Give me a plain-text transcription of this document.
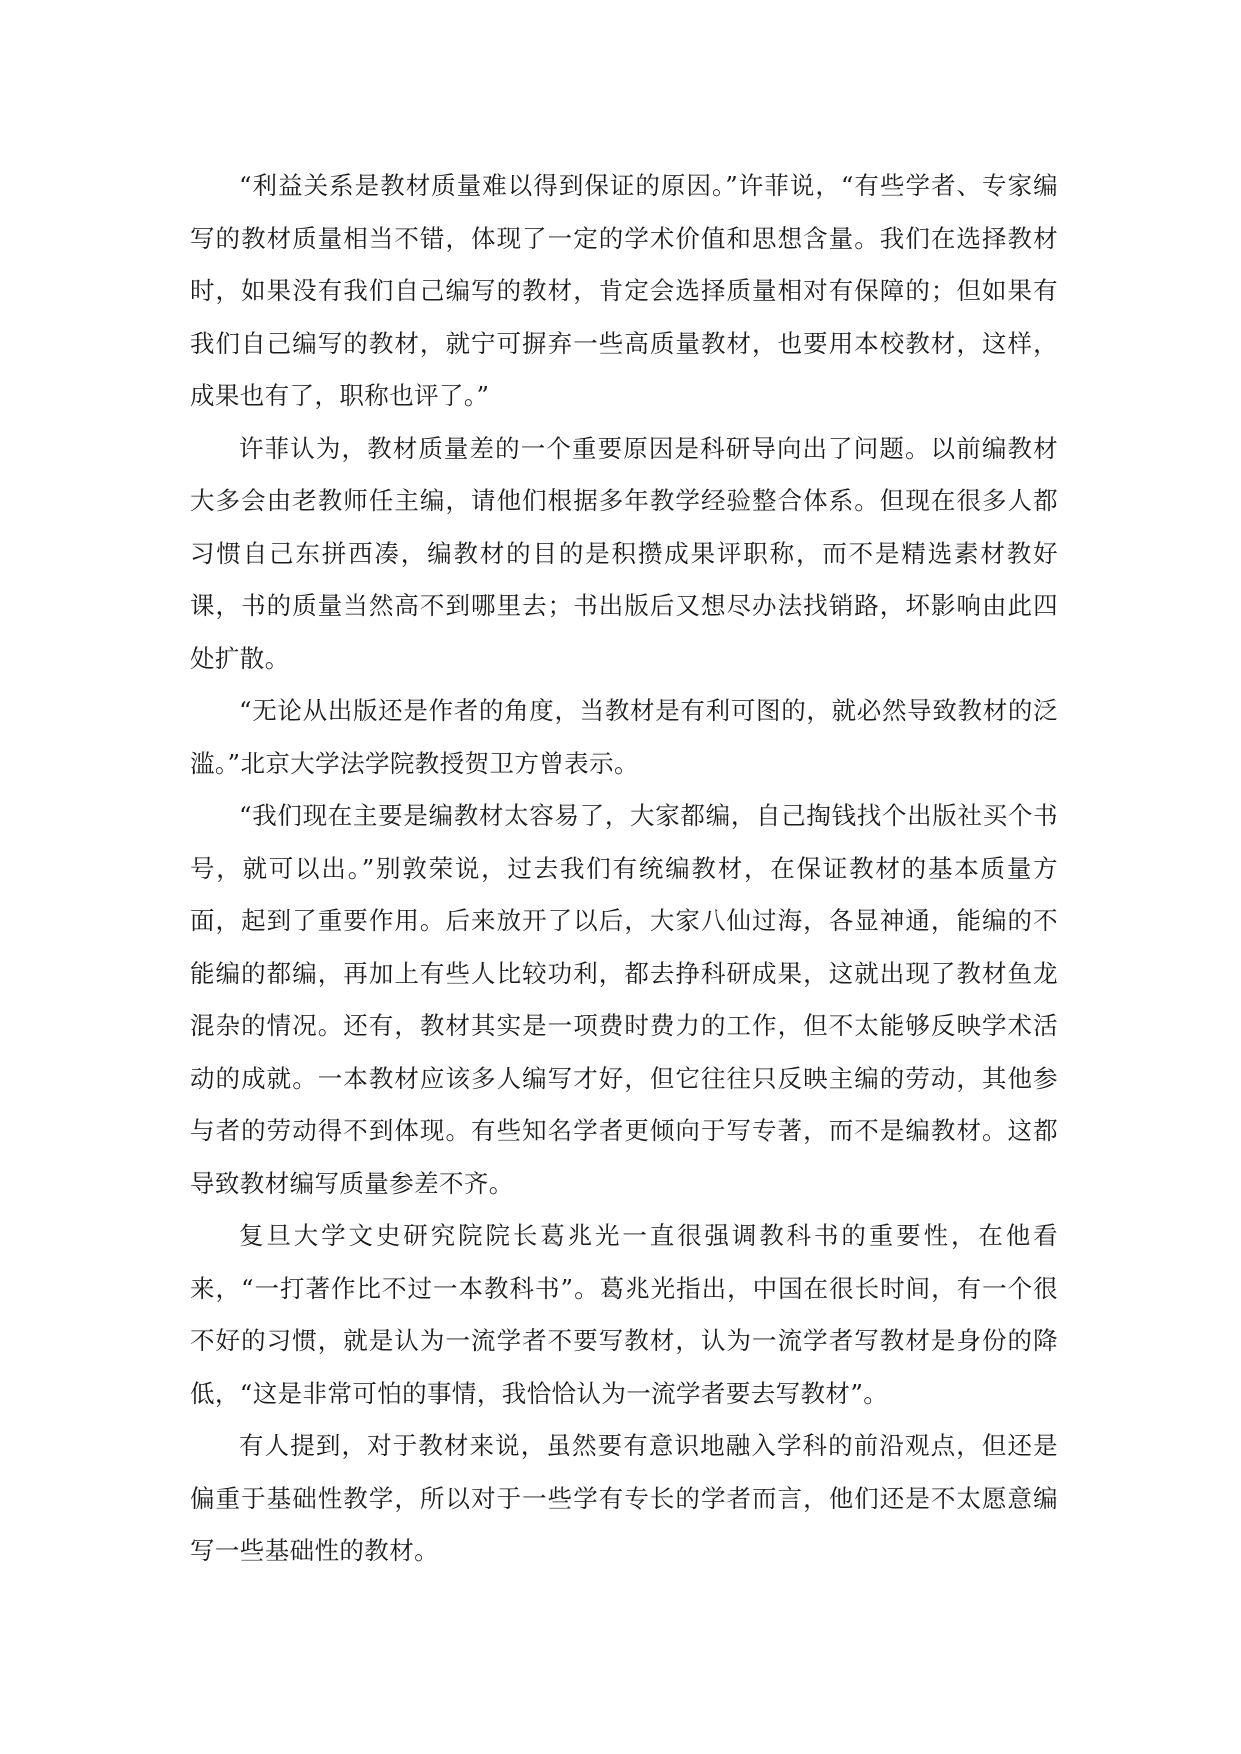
“利益关系是教材质量难以得到保证的原因。”许菲说，“有些学者、专家编写的教材质量相当不错，体现了一定的学术价值和思想含量。我们在选择教材时，如果没有我们自己编写的教材，肯定会选择质量相对有保障的；但如果有我们自己编写的教材，就宁可摒弃一些高质量教材，也要用本校教材，这样，成果也有了，职称也评了。”

许菲认为，教材质量差的一个重要原因是科研导向出了问题。以前编教材大多会由老教师任主编，请他们根据多年教学经验整合体系。但现在很多人都习惯自己东拼西凑，编教材的目的是积攒成果评职称，而不是精选素材教好课，书的质量当然高不到哪里去；书出版后又想尽办法找销路，坏影响由此四处扩散。

“无论从出版还是作者的角度，当教材是有利可图的，就必然导致教材的泛滥。”北京大学法学院教授贺卫方曾表示。

“我们现在主要是编教材太容易了，大家都编，自己掏钱找个出版社买个书号，就可以出。”别敦荣说，过去我们有统编教材，在保证教材的基本质量方面，起到了重要作用。后来放开了以后，大家八仙过海，各显神通，能编的不能编的都编，再加上有些人比较功利，都去挣科研成果，这就出现了教材鱼龙混杂的情况。还有，教材其实是一项费时费力的工作，但不太能够反映学术活动的成就。一本教材应该多人编写才好，但它往往只反映主编的劳动，其他参与者的劳动得不到体现。有些知名学者更倾向于写专著，而不是编教材。这都导致教材编写质量参差不齐。

复旦大学文史研究院院长葛兆光一直很强调教科书的重要性，在他看来，“一打著作比不过一本教科书”。葛兆光指出，中国在很长时间，有一个很不好的习惯，就是认为一流学者不要写教材，认为一流学者写教材是身份的降低，“这是非常可怕的事情，我恰恰认为一流学者要去写教材”。

有人提到，对于教材来说，虽然要有意识地融入学科的前沿观点，但还是偏重于基础性教学，所以对于一些学有专长的学者而言，他们还是不太愿意编写一些基础性的教材。
